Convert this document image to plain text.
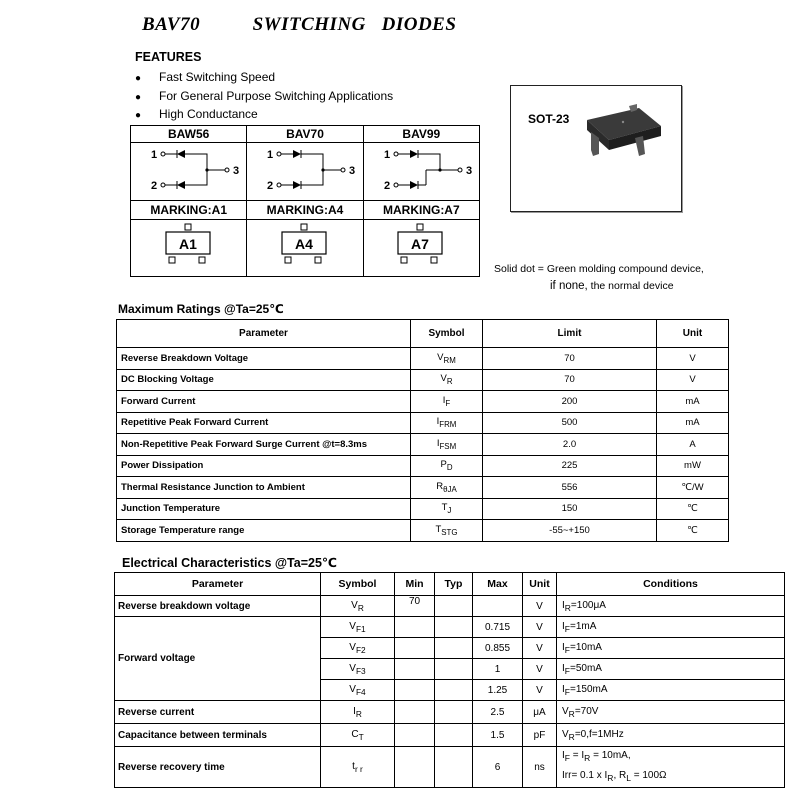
BAV70	SWITCHING   DIODES
FEATURES
● Fast Switching Speed
● For General Purpose Switching Applications
● High Conductance
BAW56	BAV70	BAV99

1
2
3	1
2
3	1
2
3

MARKING:A1	MARKING:A4	MARKING:A7

A1	A4	A7
SOT-23
Solid dot = Green molding compound device,
if none, the normal device
Maximum Ratings @Ta=25℃
Parameter	Symbol	Limit	Unit
Reverse Breakdown Voltage	$V_{RM}$	70	V
DC Blocking Voltage	$V_R$	70	V
Forward Current	$I_F$	200	mA
Repetitive Peak Forward Current	$I_{FRM}$	500	mA
Non-Repetitive Peak Forward Surge Current @t=8.3ms	$I_{FSM}$	2.0	A
Power Dissipation	$P_D$	225	mW
Thermal Resistance Junction to Ambient	$R_{\theta JA}$	556	℃/W
Junction Temperature	$T_J$	150	℃
Storage Temperature range	$T_{STG}$	-55~+150	℃
Electrical Characteristics @Ta=25℃
Parameter	Symbol	Min	Typ	Max	Unit	Conditions
Reverse breakdown voltage	$V_R$	70			V	$I_R=100\mu A$
Forward voltage	$V_{F1}$			0.715	V	$I_F=1mA$
	$V_{F2}$			0.855	V	$I_F=10mA$
	$V_{F3}$			1	V	$I_F=50mA$
	$V_{F4}$			1.25	V	$I_F=150mA$
Reverse current	$I_R$			2.5	μA	$V_R=70V$
Capacitance between terminals	$C_T$			1.5	pF	$V_R=0,f=1MHz$
Reverse recovery time	$t_{r r}$			6	ns	$I_F = I_R = 10mA$,
Irr= 0.1 x $I_R$, $R_L = 100\Omega$
